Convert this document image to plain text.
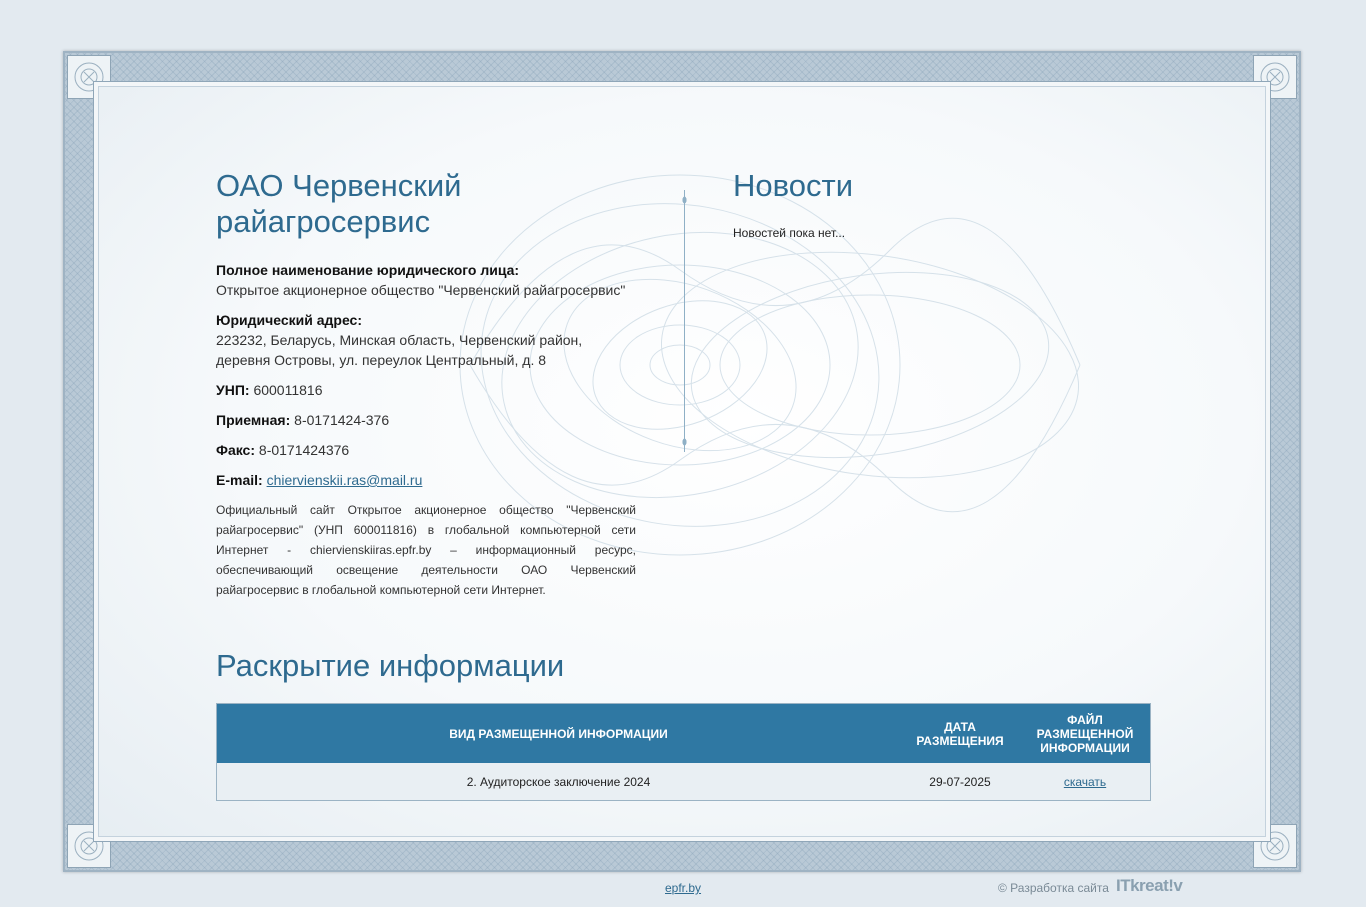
ОАО Червенский райагросервис

Полное наименование юридического лица:
Открытое акционерное общество "Червенский райагросервис"

Юридический адрес:
223232, Беларусь, Минская область, Червенский район, деревня Островы, ул. переулок Центральный, д. 8

УНП: 600011816

Приемная: 8-0171424-376

Факс: 8-0171424376

E-mail: chiervienskii.ras@mail.ru

Официальный сайт Открытое акционерное общество "Червенский райагросервис" (УНП 600011816) в глобальной компьютерной сети Интернет - chiervienskiiras.epfr.by – информационный ресурс, обеспечивающий освещение деятельности ОАО Червенский райагросервис в глобальной компьютерной сети Интернет.

Новости
Новостей пока нет...
Раскрытие информации
ВИД РАЗМЕЩЕННОЙ ИНФОРМАЦИИ	ДАТА РАЗМЕЩЕНИЯ	ФАЙЛ РАЗМЕЩЕННОЙ ИНФОРМАЦИИ
2. Аудиторское заключение 2024	29-07-2025	скачать
epfr.by	© Разработка сайта ITkreat!v
